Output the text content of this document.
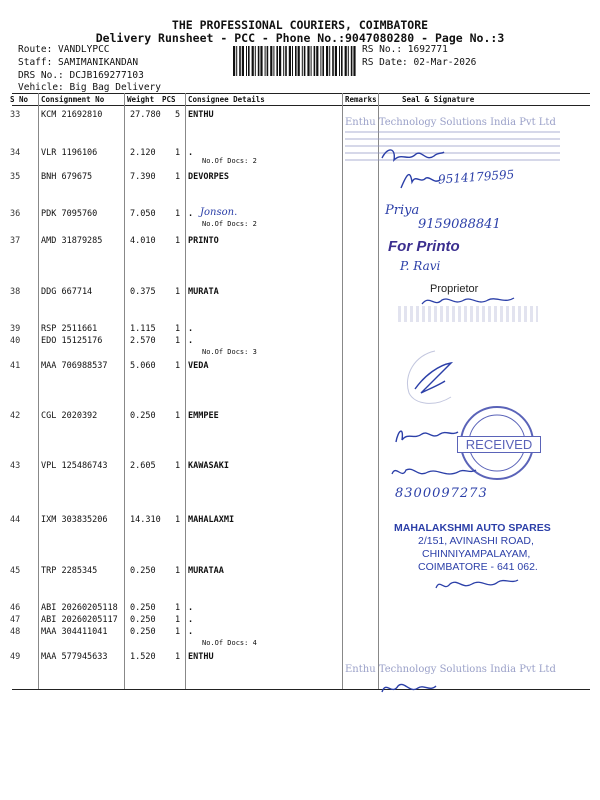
THE PROFESSIONAL COURIERS, COIMBATORE
Delivery Runsheet - PCC - Phone No.:9047080280 - Page No.:3
Route: VANDLYPCC
Staff: SAMIMANIKANDAN
DRS No.: DCJB169277103
Vehicle: Big Bag Delivery
RS No.: 1692771
RS Date: 02-Mar-2026
S No Consignment No	Weight PCS Consignee Details	Remarks	Seal & Signature
33 KCM 21692810	27.780 5 ENTHU
34 VLR 1196106	2.120 1 .
No.Of Docs: 2
35 BNH 679675	7.390 1 DEVORPES
36 PDK 7095760	7.050 1 .
No.Of Docs: 2
37 AMD 31879285	4.010 1 PRINTO
38 DDG 667714	0.375 1 MURATA
39 RSP 2511661	1.115 1 .
40 EDO 15125176	2.570 1 .
No.Of Docs: 3
41 MAA 706988537	5.060 1 VEDA
42 CGL 2020392	0.250 1 EMMPEE
43 VPL 125486743	2.605 1 KAWASAKI
44 IXM 303835206	14.310 1 MAHALAXMI
45 TRP 2285345	0.250 1 MURATAA
46 ABI 20260205118 0.250 1 .
47 ABI 20260205117 0.250 1 .
48 MAA 304411041	0.250 1 .
No.Of Docs: 4
49 MAA 577945633	1.520 1 ENTHU
Enthu Technology Solutions India Pvt Ltd
9514179595
Priya
9159088841
Jonson.
For Printo
P. Ravi
Proprietor
RECEIVED
8300097273
MAHALAKSHMI AUTO SPARES
2/151, AVINASHI ROAD,
CHINNIYAMPALAYAM,
COIMBATORE - 641 062.
Enthu Technology Solutions India Pvt Ltd
